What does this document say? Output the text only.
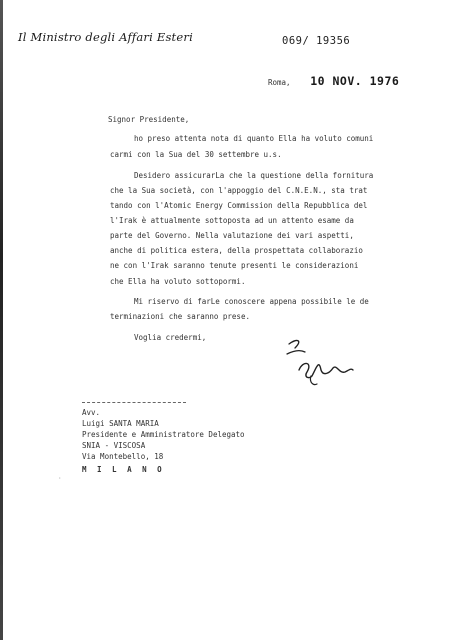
Il Ministro degli Affari Esteri	069/ 19356
Roma, 10 NOV. 1976
Signor Presidente,
ho preso attenta nota di quanto Ella ha voluto comuni
carmi con la Sua del 30 settembre u.s.
Desidero assicurarLa che la questione della fornitura
che la Sua società, con l'appoggio del C.N.E.N., sta trat
tando con l'Atomic Energy Commission della Repubblica del
l'Irak è attualmente sottoposta ad un attento esame da
parte del Governo. Nella valutazione dei vari aspetti,
anche di politica estera, della prospettata collaborazio
ne con l'Irak saranno tenute presenti le considerazioni
che Ella ha voluto sottopormi.
Mi riservo di farLe conoscere appena possibile le de
terminazioni che saranno prese.
Voglia credermi,
Avv.
Luigi SANTA MARIA
Presidente e Amministratore Delegato
SNIA - VISCOSA
Via Montebello, 18
M I L A N O
·
